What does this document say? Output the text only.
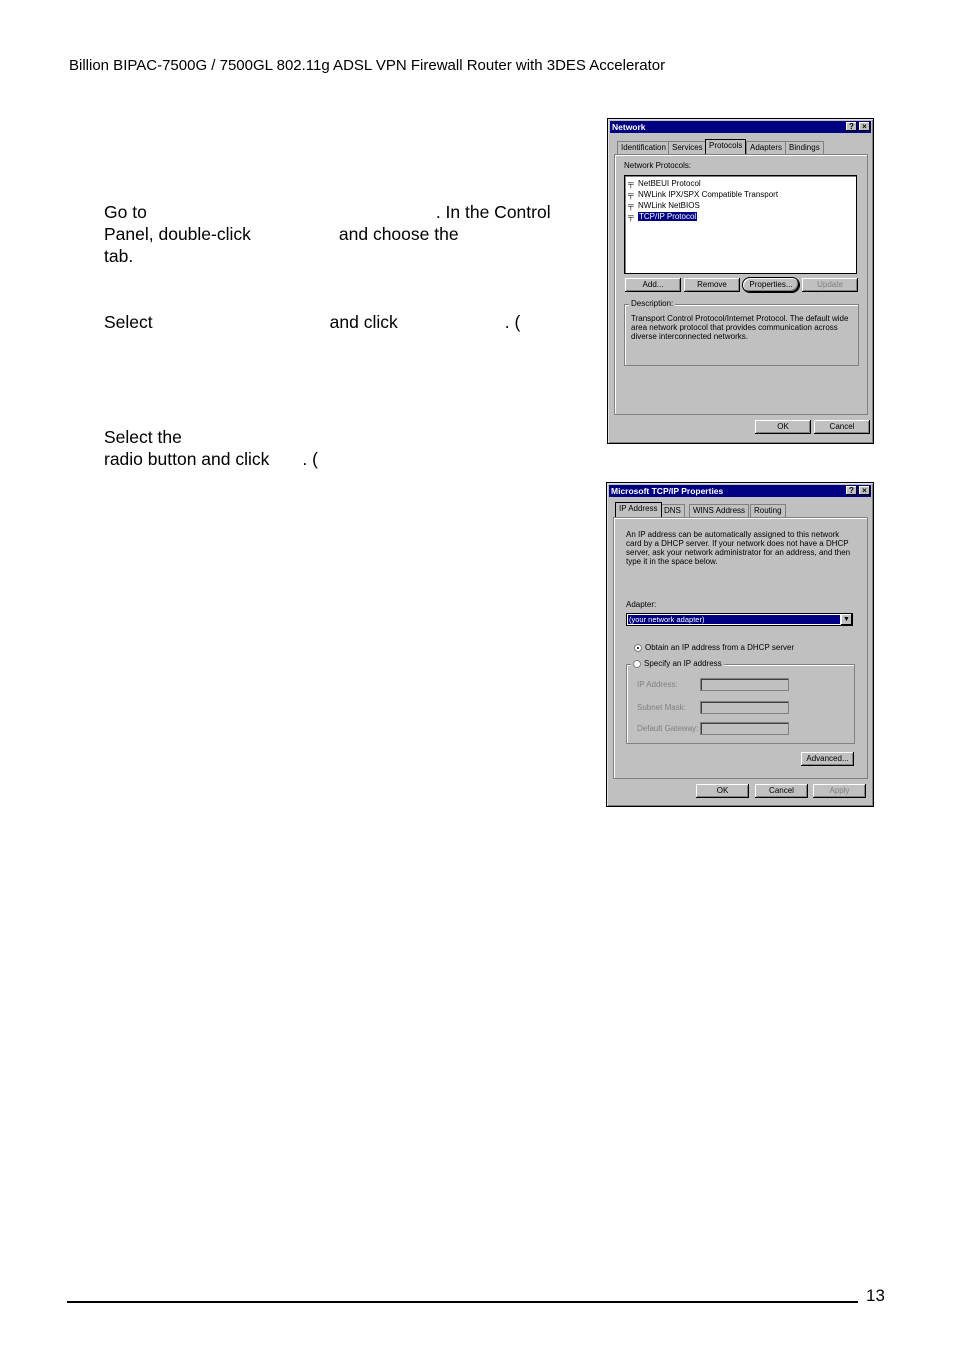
Billion BIPAC-7500G / 7500GL 802.11g ADSL VPN Firewall Router with 3DES Accelerator
Go to	. In the Control
Panel, double-click	and choose the
tab.
Select	and click	. (
Select the
radio button and click . (
Network	?	×
Identification Services Protocols Adapters Bindings
Network Protocols:
╤ NetBEUI Protocol
╤ NWLink IPX/SPX Compatible Transport
╤ NWLink NetBIOS
╤ TCP/IP Protocol
Add...	Remove	Properties...	Update
Description:
Transport Control Protocol/Internet Protocol. The default wide area network protocol that provides communication across diverse interconnected networks.
OK	Cancel
Microsoft TCP/IP Properties	?	×
IP Address DNS	WINS Address	Routing
An IP address can be automatically assigned to this network card by a DHCP server. If your network does not have a DHCP server, ask your network administrator for an address, and then type it in the space below.
Adapter:
(your network adapter)	▼
Obtain an IP address from a DHCP server
Specify an IP address
IP Address:
Subnet Mask:
Default Gateway:
Advanced...
OK	Cancel	Apply
13
